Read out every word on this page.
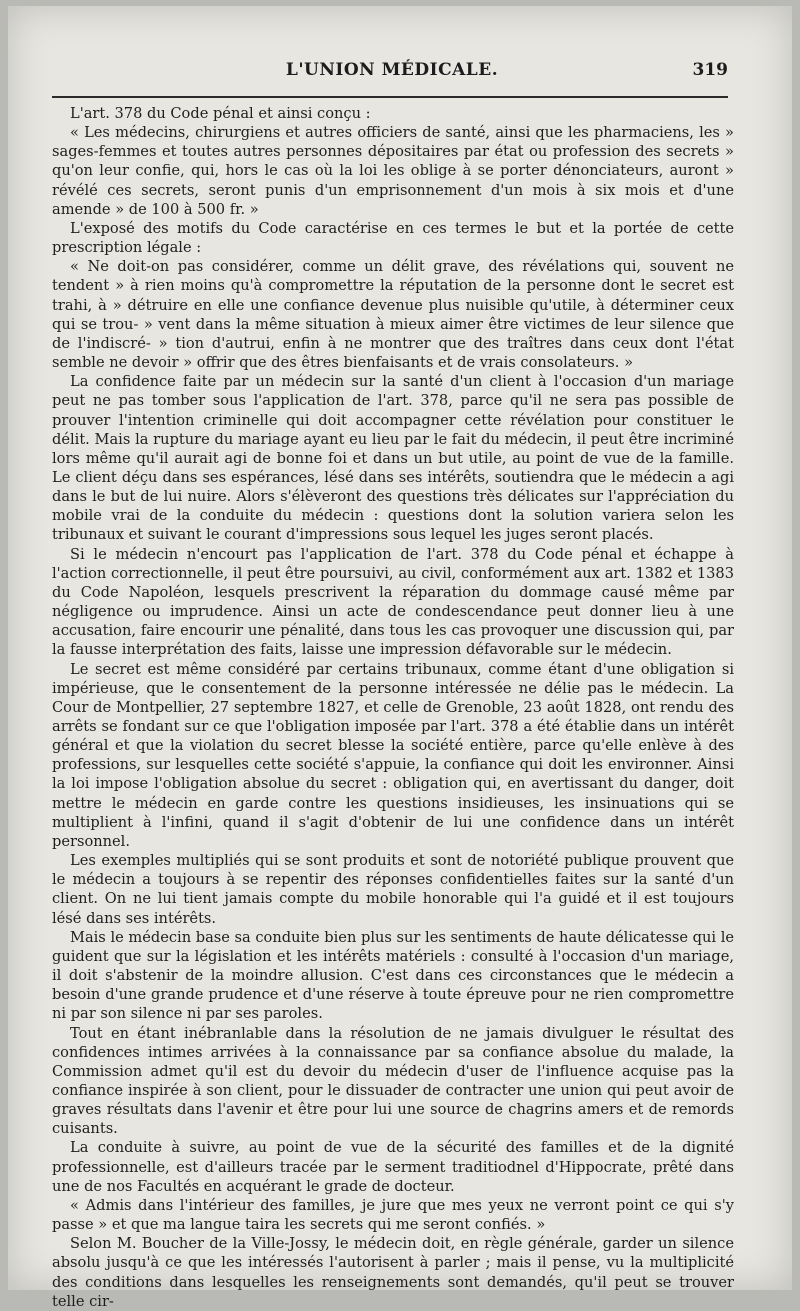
L'UNION MÉDICALE.	319

L'art. 378 du Code pénal et ainsi conçu :

« Les médecins, chirurgiens et autres officiers de santé, ainsi que les pharmaciens, les » sages-femmes et toutes autres personnes dépositaires par état ou profession des secrets » qu'on leur confie, qui, hors le cas où la loi les oblige à se porter dénonciateurs, auront » révélé ces secrets, seront punis d'un emprisonnement d'un mois à six mois et d'une amende » de 100 à 500 fr. »

L'exposé des motifs du Code caractérise en ces termes le but et la portée de cette prescription légale :

« Ne doit-on pas considérer, comme un délit grave, des révélations qui, souvent ne tendent » à rien moins qu'à compromettre la réputation de la personne dont le secret est trahi, à » détruire en elle une confiance devenue plus nuisible qu'utile, à déterminer ceux qui se trou- » vent dans la même situation à mieux aimer être victimes de leur silence que de l'indiscré- » tion d'autrui, enfin à ne montrer que des traîtres dans ceux dont l'état semble ne devoir » offrir que des êtres bienfaisants et de vrais consolateurs. »

La confidence faite par un médecin sur la santé d'un client à l'occasion d'un mariage peut ne pas tomber sous l'application de l'art. 378, parce qu'il ne sera pas possible de prouver l'intention criminelle qui doit accompagner cette révélation pour constituer le délit. Mais la rupture du mariage ayant eu lieu par le fait du médecin, il peut être incriminé lors même qu'il aurait agi de bonne foi et dans un but utile, au point de vue de la famille. Le client déçu dans ses espérances, lésé dans ses intérêts, soutiendra que le médecin a agi dans le but de lui nuire. Alors s'élèveront des questions très délicates sur l'appréciation du mobile vrai de la conduite du médecin : questions dont la solution variera selon les tribunaux et suivant le courant d'impressions sous lequel les juges seront placés.

Si le médecin n'encourt pas l'application de l'art. 378 du Code pénal et échappe à l'action correctionnelle, il peut être poursuivi, au civil, conformément aux art. 1382 et 1383 du Code Napoléon, lesquels prescrivent la réparation du dommage causé même par négligence ou imprudence. Ainsi un acte de condescendance peut donner lieu à une accusation, faire encourir une pénalité, dans tous les cas provoquer une discussion qui, par la fausse interprétation des faits, laisse une impression défavorable sur le médecin.

Le secret est même considéré par certains tribunaux, comme étant d'une obligation si impérieuse, que le consentement de la personne intéressée ne délie pas le médecin. La Cour de Montpellier, 27 septembre 1827, et celle de Grenoble, 23 août 1828, ont rendu des arrêts se fondant sur ce que l'obligation imposée par l'art. 378 a été établie dans un intérêt général et que la violation du secret blesse la société entière, parce qu'elle enlève à des professions, sur lesquelles cette société s'appuie, la confiance qui doit les environner. Ainsi la loi impose l'obligation absolue du secret : obligation qui, en avertissant du danger, doit mettre le médecin en garde contre les questions insidieuses, les insinuations qui se multiplient à l'infini, quand il s'agit d'obtenir de lui une confidence dans un intérêt personnel.

Les exemples multipliés qui se sont produits et sont de notoriété publique prouvent que le médecin a toujours à se repentir des réponses confidentielles faites sur la santé d'un client. On ne lui tient jamais compte du mobile honorable qui l'a guidé et il est toujours lésé dans ses intérêts.

Mais le médecin base sa conduite bien plus sur les sentiments de haute délicatesse qui le guident que sur la législation et les intérêts matériels : consulté à l'occasion d'un mariage, il doit s'abstenir de la moindre allusion. C'est dans ces circonstances que le médecin a besoin d'une grande prudence et d'une réserve à toute épreuve pour ne rien compromettre ni par son silence ni par ses paroles.

Tout en étant inébranlable dans la résolution de ne jamais divulguer le résultat des confidences intimes arrivées à la connaissance par sa confiance absolue du malade, la Commission admet qu'il est du devoir du médecin d'user de l'influence acquise pas la confiance inspirée à son client, pour le dissuader de contracter une union qui peut avoir de graves résultats dans l'avenir et être pour lui une source de chagrins amers et de remords cuisants.

La conduite à suivre, au point de vue de la sécurité des familles et de la dignité professionnelle, est d'ailleurs tracée par le serment traditiodnel d'Hippocrate, prêté dans une de nos Facultés en acquérant le grade de docteur.

« Admis dans l'intérieur des familles, je jure que mes yeux ne verront point ce qui s'y passe » et que ma langue taira les secrets qui me seront confiés. »

Selon M. Boucher de la Ville-Jossy, le médecin doit, en règle générale, garder un silence absolu jusqu'à ce que les intéressés l'autorisent à parler ; mais il pense, vu la multiplicité des conditions dans lesquelles les renseignements sont demandés, qu'il peut se trouver telle cir-
